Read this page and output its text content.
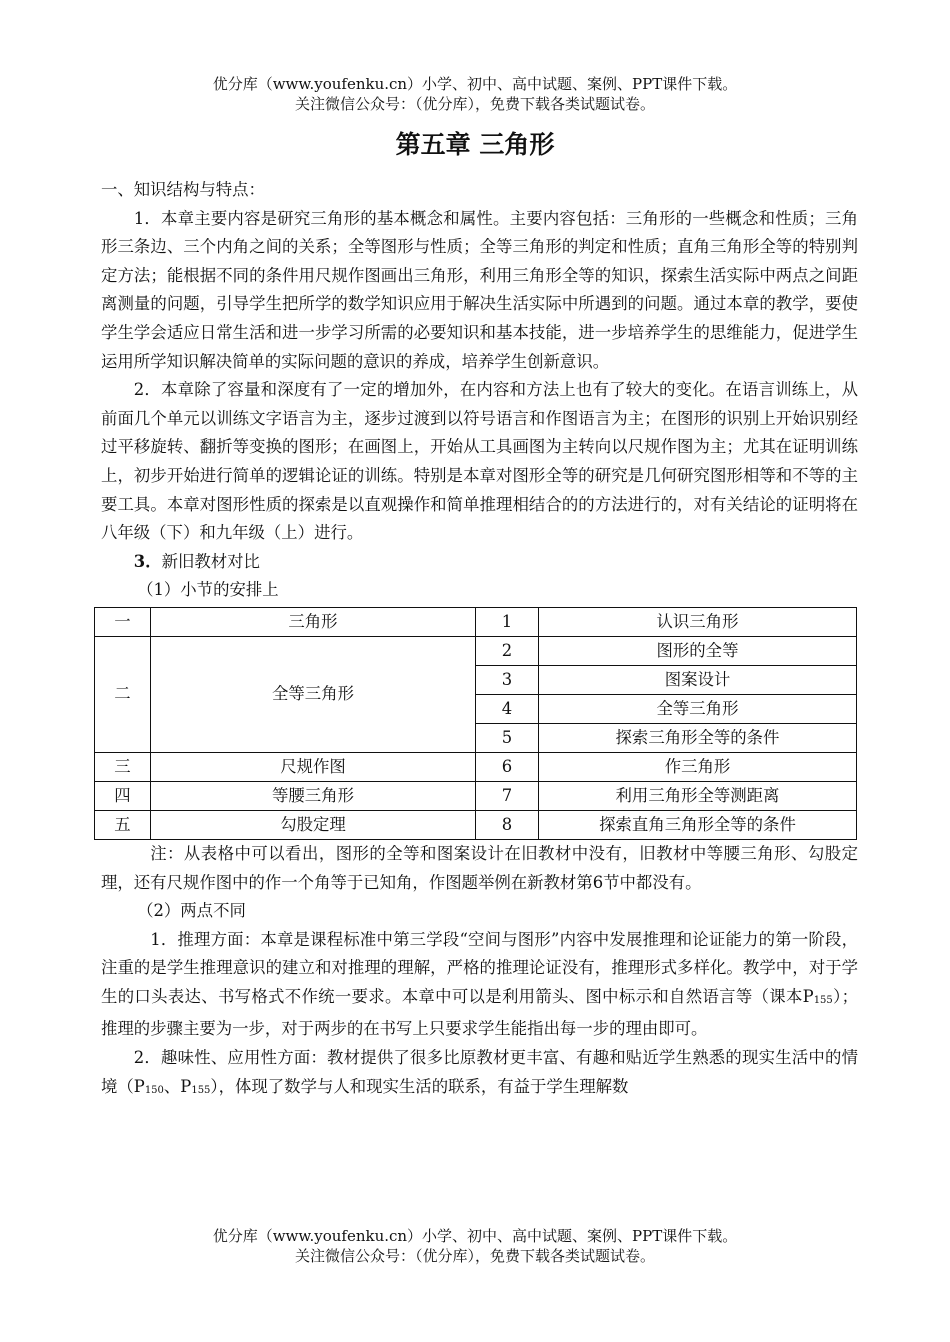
优分库（www.youfenku.cn）小学、初中、高中试题、案例、PPT课件下载。

关注微信公众号：（优分库），免费下载各类试题试卷。

第五章 三角形

一、知识结构与特点：

1．本章主要内容是研究三角形的基本概念和属性。主要内容包括：三角形的一些概念和性质；三角形三条边、三个内角之间的关系；全等图形与性质；全等三角形的判定和性质；直角三角形全等的特别判定方法；能根据不同的条件用尺规作图画出三角形，利用三角形全等的知识，探索生活实际中两点之间距离测量的问题，引导学生把所学的数学知识应用于解决生活实际中所遇到的问题。通过本章的教学，要使学生学会适应日常生活和进一步学习所需的必要知识和基本技能，进一步培养学生的思维能力，促进学生运用所学知识解决简单的实际问题的意识的养成，培养学生创新意识。

2．本章除了容量和深度有了一定的增加外，在内容和方法上也有了较大的变化。在语言训练上，从前面几个单元以训练文字语言为主，逐步过渡到以符号语言和作图语言为主；在图形的识别上开始识别经过平移旋转、翻折等变换的图形；在画图上，开始从工具画图为主转向以尺规作图为主；尤其在证明训练上，初步开始进行简单的逻辑论证的训练。特别是本章对图形全等的研究是几何研究图形相等和不等的主要工具。本章对图形性质的探索是以直观操作和简单推理相结合的的方法进行的，对有关结论的证明将在八年级（下）和九年级（上）进行。

3．新旧教材对比

（1）小节的安排上

一	三角形	1	认识三角形
二	全等三角形	2	图形的全等
		3	图案设计
		4	全等三角形
		5	探索三角形全等的条件
三	尺规作图	6	作三角形
四	等腰三角形	7	利用三角形全等测距离
五	勾股定理	8	探索直角三角形全等的条件

注：从表格中可以看出，图形的全等和图案设计在旧教材中没有，旧教材中等腰三角形、勾股定理，还有尺规作图中的作一个角等于已知角，作图题举例在新教材第6节中都没有。

（2）两点不同

1．推理方面：本章是课程标准中第三学段“空间与图形”内容中发展推理和论证能力的第一阶段，注重的是学生推理意识的建立和对推理的理解，严格的推理论证没有，推理形式多样化。教学中，对于学生的口头表达、书写格式不作统一要求。本章中可以是利用箭头、图中标示和自然语言等（课本$P_{155}$）；推理的步骤主要为一步，对于两步的在书写上只要求学生能指出每一步的理由即可。

2．趣味性、应用性方面：教材提供了很多比原教材更丰富、有趣和贴近学生熟悉的现实生活中的情境（$P_{150}$、$P_{155}$），体现了数学与人和现实生活的联系，有益于学生理解数

优分库（www.youfenku.cn）小学、初中、高中试题、案例、PPT课件下载。

关注微信公众号：（优分库），免费下载各类试题试卷。
